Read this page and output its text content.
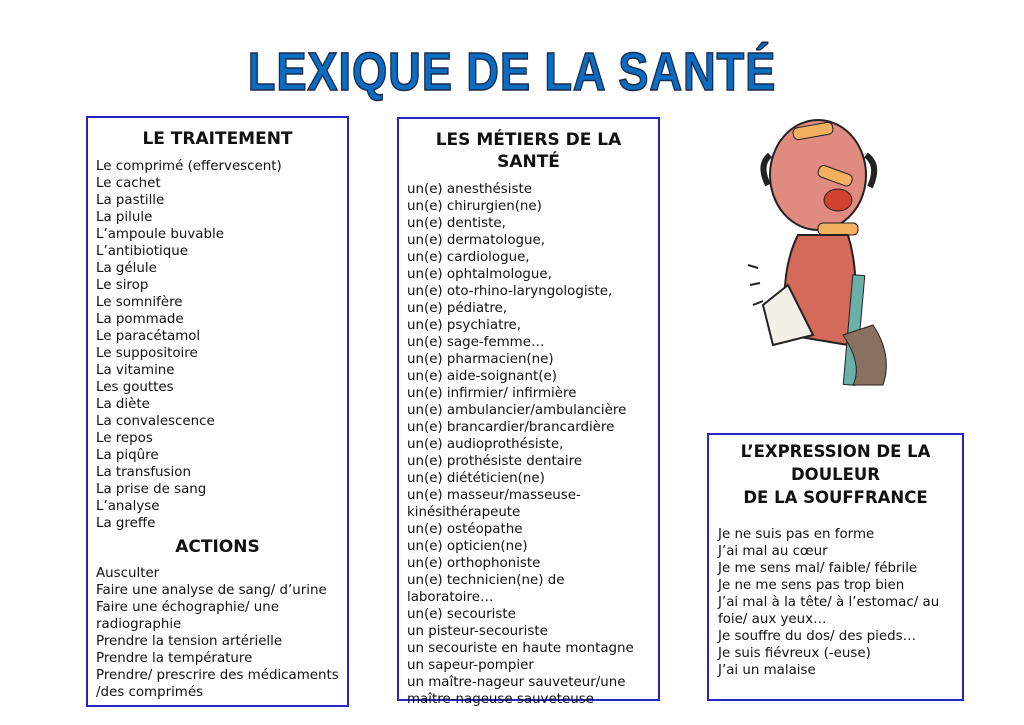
LEXIQUE DE LA SANTÉ
LE TRAITEMENT
Le comprimé (effervescent)
Le cachet
La pastille
La pilule
L’ampoule buvable
L’antibiotique
La gélule
Le sirop
Le somnifère
La pommade
Le paracétamol
Le suppositoire
La vitamine
Les gouttes
La diète
La convalescence
Le repos
La piqûre
La transfusion
La prise de sang
L’analyse
La greffe
ACTIONS
Ausculter
Faire une analyse de sang/ d’urine
Faire une échographie/ une radiographie
Prendre la tension artérielle
Prendre la température
Prendre/ prescrire des médicaments /des comprimés
LES MÉTIERS DE LA SANTÉ
un(e) anesthésiste
un(e) chirurgien(ne)
un(e) dentiste,
un(e) dermatologue,
un(e) cardiologue,
un(e) ophtalmologue,
un(e) oto-rhino-laryngologiste,
un(e) pédiatre,
un(e) psychiatre,
un(e) sage-femme…
un(e) pharmacien(ne)
un(e) aide-soignant(e)
un(e) infirmier/ infirmière
un(e) ambulancier/ambulancière
un(e) brancardier/brancardière
un(e) audioprothésiste,
un(e) prothésiste dentaire
un(e) diététicien(ne)
un(e) masseur/masseuse-kinésithérapeute
un(e) ostéopathe
un(e) opticien(ne)
un(e) orthophoniste
un(e) technicien(ne) de laboratoire…
un(e) secouriste
un pisteur-secouriste
un secouriste en haute montagne
un sapeur-pompier
un maître-nageur sauveteur/une maître-nageuse sauveteuse
L’EXPRESSION DE LA
DOULEUR
DE LA SOUFFRANCE
Je ne suis pas en forme
J’ai mal au cœur
Je me sens mal/ faible/ fébrile
Je ne me sens pas trop bien
J’ai mal à la tête/ à l’estomac/ au foie/ aux yeux…
Je souffre du dos/ des pieds…
Je suis fiévreux (-euse)
J’ai un malaise
